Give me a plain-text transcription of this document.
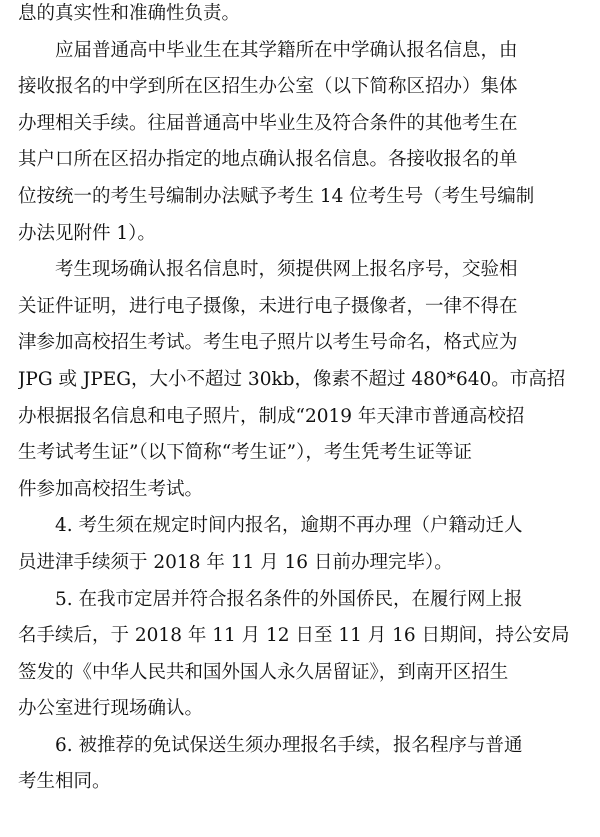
息的真实性和准确性负责。
应届普通高中毕业生在其学籍所在中学确认报名信息，由
接收报名的中学到所在区招生办公室（以下简称区招办）集体
办理相关手续。往届普通高中毕业生及符合条件的其他考生在
其户口所在区招办指定的地点确认报名信息。各接收报名的单
位按统一的考生号编制办法赋予考生 14 位考生号（考生号编制
办法见附件 1）。
考生现场确认报名信息时，须提供网上报名序号，交验相
关证件证明，进行电子摄像，未进行电子摄像者，一律不得在
津参加高校招生考试。考生电子照片以考生号命名，格式应为
JPG 或 JPEG，大小不超过 30kb，像素不超过 480*640。市高招
办根据报名信息和电子照片，制成“2019 年天津市普通高校招
生考试考生证”（以下简称“考生证”），考生凭考生证等证
件参加高校招生考试。
4. 考生须在规定时间内报名，逾期不再办理（户籍动迁人
员进津手续须于 2018 年 11 月 16 日前办理完毕）。
5. 在我市定居并符合报名条件的外国侨民，在履行网上报
名手续后，于 2018 年 11 月 12 日至 11 月 16 日期间，持公安局
签发的《中华人民共和国外国人永久居留证》，到南开区招生
办公室进行现场确认。
6. 被推荐的免试保送生须办理报名手续，报名程序与普通
考生相同。
